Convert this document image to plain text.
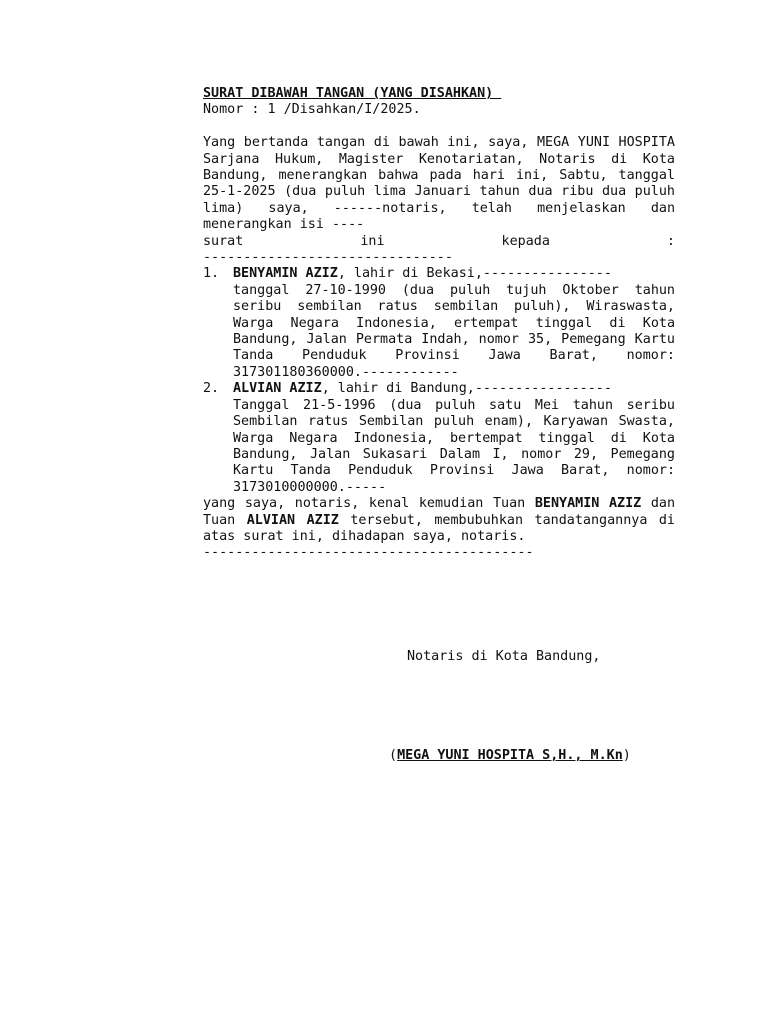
SURAT DIBAWAH TANGAN (YANG DISAHKAN)
Nomor : 1 /Disahkan/I/2025.
Yang bertanda tangan di bawah ini, saya, MEGA YUNI HOSPITA Sarjana Hukum, Magister Kenotariatan, Notaris di Kota Bandung, menerangkan bahwa pada hari ini, Sabtu, tanggal 25-1-2025 (dua puluh lima Januari tahun dua ribu dua puluh lima) saya, ------notaris, telah menjelaskan dan menerangkan isi ----
surat ini kepada :
-------------------------------
1. BENYAMIN AZIZ, lahir di Bekasi,----------------
tanggal 27-10-1990 (dua puluh tujuh Oktober tahun seribu sembilan ratus sembilan puluh), Wiraswasta, Warga Negara Indonesia, ertempat tinggal di Kota Bandung, Jalan Permata Indah, nomor 35, Pemegang Kartu Tanda Penduduk Provinsi Jawa Barat, nomor:
317301180360000.------------
2. ALVIAN AZIZ, lahir di Bandung,-----------------
Tanggal 21-5-1996 (dua puluh satu Mei tahun seribu Sembilan ratus Sembilan puluh enam), Karyawan Swasta, Warga Negara Indonesia, bertempat tinggal di Kota Bandung, Jalan Sukasari Dalam I, nomor 29, Pemegang Kartu Tanda Penduduk Provinsi Jawa Barat, nomor:
3173010000000.-----
yang saya, notaris, kenal kemudian Tuan BENYAMIN AZIZ dan Tuan ALVIAN AZIZ tersebut, membubuhkan tandatangannya di atas surat ini, dihadapan saya, notaris.
-----------------------------------------
Notaris di Kota Bandung,
(MEGA YUNI HOSPITA S,H., M.Kn)
